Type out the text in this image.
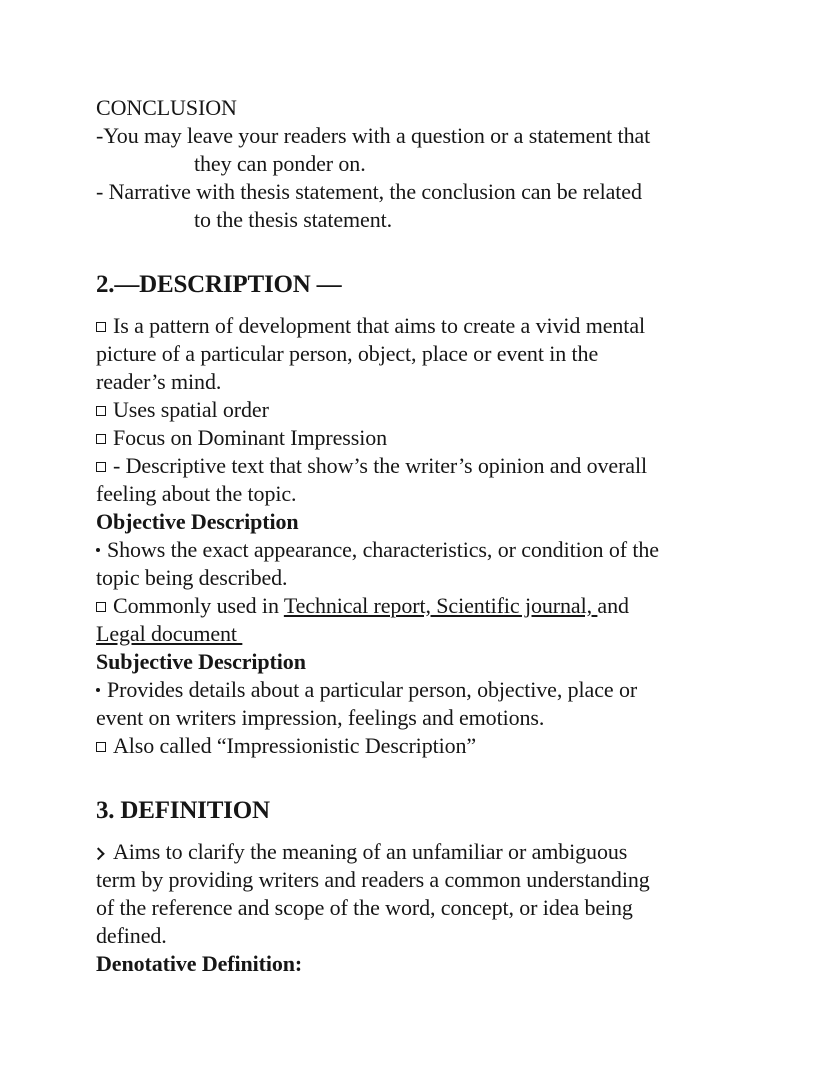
CONCLUSION
-You may leave your readers with a question or a statement that
they can ponder on.
- Narrative with thesis statement, the conclusion can be related
to the thesis statement.
2.—DESCRIPTION —
Is a pattern of development that aims to create a vivid mental
picture of a particular person, object, place or event in the
reader’s mind.
Uses spatial order
Focus on Dominant Impression
- Descriptive text that show’s the writer’s opinion and overall
feeling about the topic.
Objective Description
Shows the exact appearance, characteristics, or condition of the
topic being described.
Commonly used in Technical report, Scientific journal, and
Legal document
Subjective Description
Provides details about a particular person, objective, place or
event on writers impression, feelings and emotions.
Also called “Impressionistic Description”
3. DEFINITION
Aims to clarify the meaning of an unfamiliar or ambiguous
term by providing writers and readers a common understanding
of the reference and scope of the word, concept, or idea being
defined.
Denotative Definition:
